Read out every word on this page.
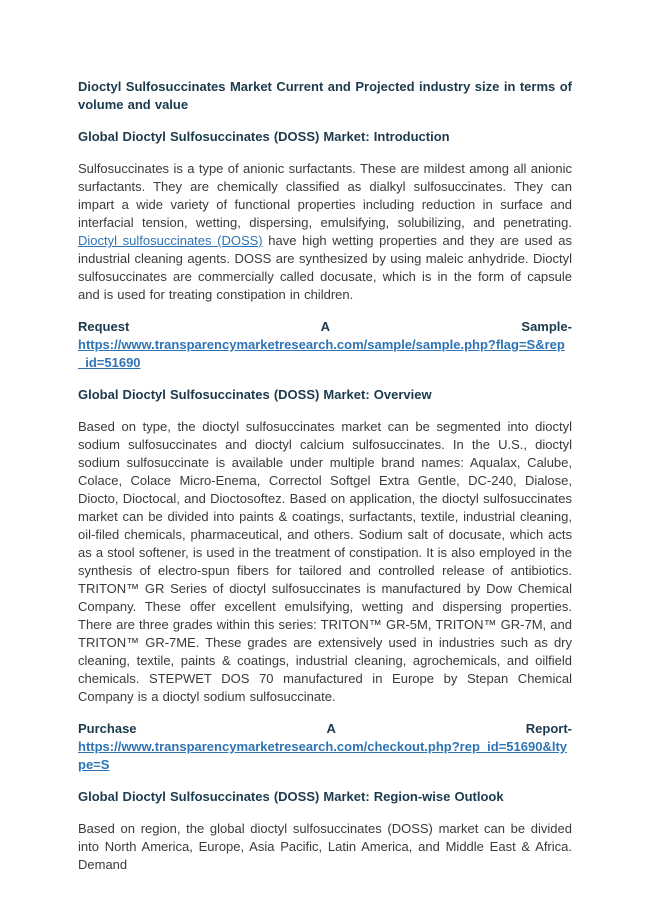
Dioctyl Sulfosuccinates Market Current and Projected industry size in terms of volume and value
Global Dioctyl Sulfosuccinates (DOSS) Market: Introduction
Sulfosuccinates is a type of anionic surfactants. These are mildest among all anionic surfactants. They are chemically classified as dialkyl sulfosuccinates. They can impart a wide variety of functional properties including reduction in surface and interfacial tension, wetting, dispersing, emulsifying, solubilizing, and penetrating. Dioctyl sulfosuccinates (DOSS) have high wetting properties and they are used as industrial cleaning agents. DOSS are synthesized by using maleic anhydride. Dioctyl sulfosuccinates are commercially called docusate, which is in the form of capsule and is used for treating constipation in children.
Request	A	Sample-
https://www.transparencymarketresearch.com/sample/sample.php?flag=S&rep_id=51690
Global Dioctyl Sulfosuccinates (DOSS) Market: Overview
Based on type, the dioctyl sulfosuccinates market can be segmented into dioctyl sodium sulfosuccinates and dioctyl calcium sulfosuccinates. In the U.S., dioctyl sodium sulfosuccinate is available under multiple brand names: Aqualax, Calube, Colace, Colace Micro-Enema, Correctol Softgel Extra Gentle, DC-240, Dialose, Diocto, Dioctocal, and Dioctosoftez. Based on application, the dioctyl sulfosuccinates market can be divided into paints & coatings, surfactants, textile, industrial cleaning, oil-filed chemicals, pharmaceutical, and others. Sodium salt of docusate, which acts as a stool softener, is used in the treatment of constipation. It is also employed in the synthesis of electro-spun fibers for tailored and controlled release of antibiotics. TRITON™ GR Series of dioctyl sulfosuccinates is manufactured by Dow Chemical Company. These offer excellent emulsifying, wetting and dispersing properties. There are three grades within this series: TRITON™ GR-5M, TRITON™ GR-7M, and TRITON™ GR-7ME. These grades are extensively used in industries such as dry cleaning, textile, paints & coatings, industrial cleaning, agrochemicals, and oilfield chemicals. STEPWET DOS 70 manufactured in Europe by Stepan Chemical Company is a dioctyl sodium sulfosuccinate.
Purchase	A	Report-
https://www.transparencymarketresearch.com/checkout.php?rep_id=51690&ltype=S
Global Dioctyl Sulfosuccinates (DOSS) Market: Region-wise Outlook
Based on region, the global dioctyl sulfosuccinates (DOSS) market can be divided into North America, Europe, Asia Pacific, Latin America, and Middle East & Africa. Demand
